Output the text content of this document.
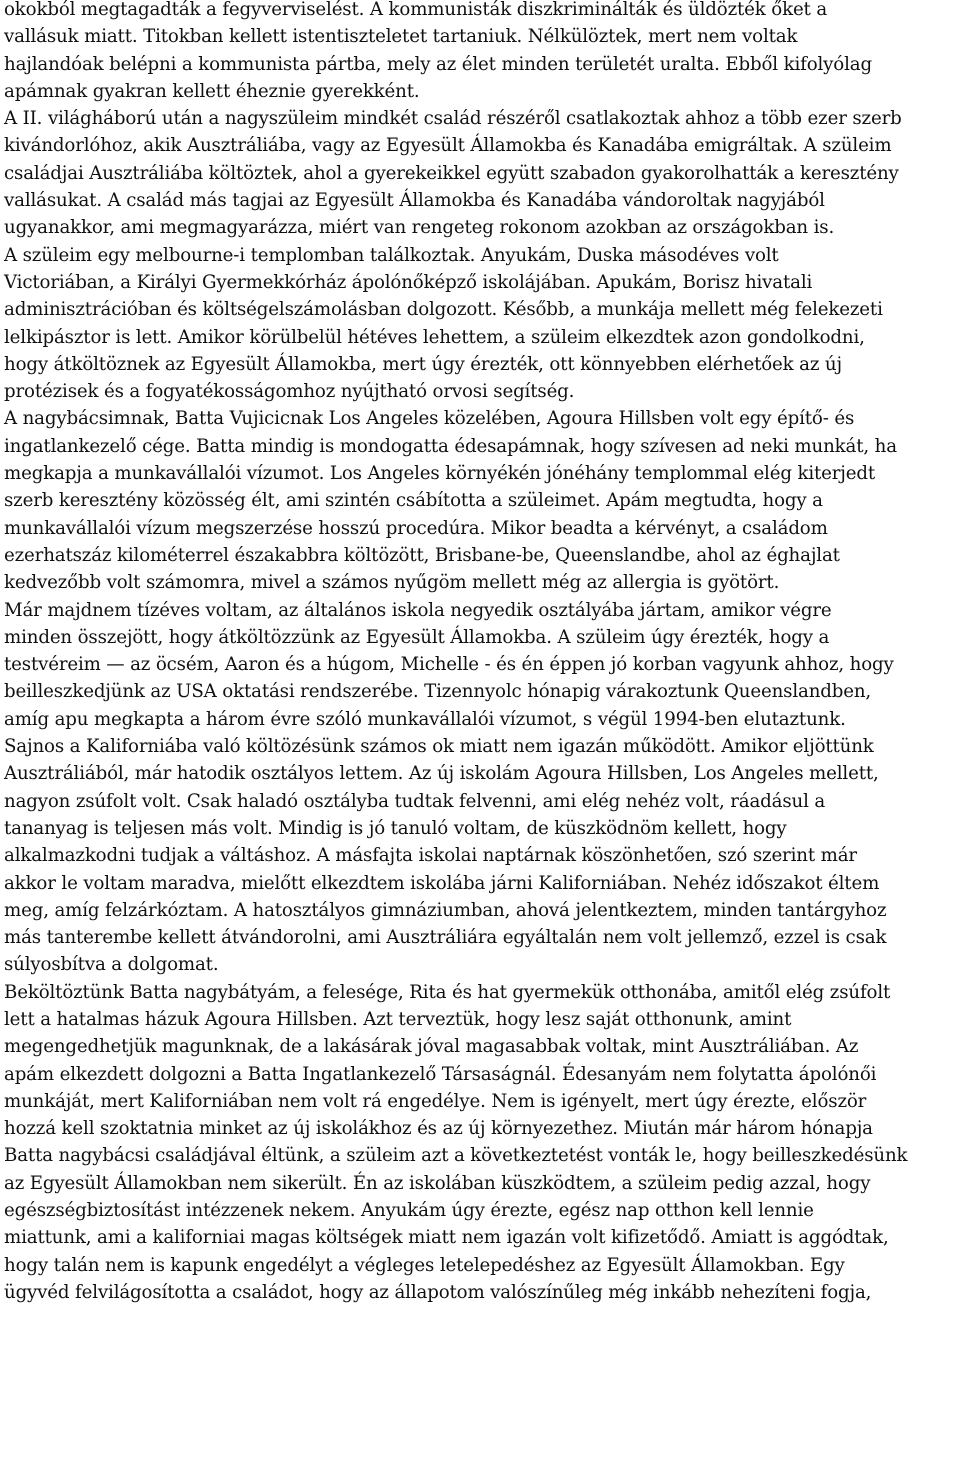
okokból megtagadták a fegyverviselést. A kommunisták diszkriminálták és üldözték őket a
vallásuk miatt. Titokban kellett istentiszteletet tartaniuk. Nélkülöztek, mert nem voltak
hajlandóak belépni a kommunista pártba, mely az élet minden területét uralta. Ebből kifolyólag
apámnak gyakran kellett éheznie gyerekként.
A II. világháború után a nagyszüleim mindkét család részéről csatlakoztak ahhoz a több ezer szerb
kivándorlóhoz, akik Ausztráliába, vagy az Egyesült Államokba és Kanadába emigráltak. A szüleim
családjai Ausztráliába költöztek, ahol a gyerekeikkel együtt szabadon gyakorolhatták a keresztény
vallásukat. A család más tagjai az Egyesült Államokba és Kanadába vándoroltak nagyjából
ugyanakkor, ami megmagyarázza, miért van rengeteg rokonom azokban az országokban is.
A szüleim egy melbourne-i templomban találkoztak. Anyukám, Duska másodéves volt
Victoriában, a Királyi Gyermekkórház ápolónőképző iskolájában. Apukám, Borisz hivatali
adminisztrációban és költségelszámolásban dolgozott. Később, a munkája mellett még felekezeti
lelkipásztor is lett. Amikor körülbelül hétéves lehettem, a szüleim elkezdtek azon gondolkodni,
hogy átköltöznek az Egyesült Államokba, mert úgy érezték, ott könnyebben elérhetőek az új
protézisek és a fogyatékosságomhoz nyújtható orvosi segítség.
A nagybácsimnak, Batta Vujicicnak Los Angeles közelében, Agoura Hillsben volt egy építő- és
ingatlankezelő cége. Batta mindig is mondogatta édesapámnak, hogy szívesen ad neki munkát, ha
megkapja a munkavállalói vízumot. Los Angeles környékén jónéhány templommal elég kiterjedt
szerb keresztény közösség élt, ami szintén csábította a szüleimet. Apám megtudta, hogy a
munkavállalói vízum megszerzése hosszú procedúra. Mikor beadta a kérvényt, a családom
ezerhatszáz kilométerrel északabbra költözött, Brisbane-be, Queenslandbe, ahol az éghajlat
kedvezőbb volt számomra, mivel a számos nyűgöm mellett még az allergia is gyötört.
Már majdnem tízéves voltam, az általános iskola negyedik osztályába jártam, amikor végre
minden összejött, hogy átköltözzünk az Egyesült Államokba. A szüleim úgy érezték, hogy a
testvéreim — az öcsém, Aaron és a húgom, Michelle - és én éppen jó korban vagyunk ahhoz, hogy
beilleszkedjünk az USA oktatási rendszerébe. Tizennyolc hónapig várakoztunk Queenslandben,
amíg apu megkapta a három évre szóló munkavállalói vízumot, s végül 1994-ben elutaztunk.
Sajnos a Kaliforniába való költözésünk számos ok miatt nem igazán működött. Amikor eljöttünk
Ausztráliából, már hatodik osztályos lettem. Az új iskolám Agoura Hillsben, Los Angeles mellett,
nagyon zsúfolt volt. Csak haladó osztályba tudtak felvenni, ami elég nehéz volt, ráadásul a
tananyag is teljesen más volt. Mindig is jó tanuló voltam, de küszködnöm kellett, hogy
alkalmazkodni tudjak a váltáshoz. A másfajta iskolai naptárnak köszönhetően, szó szerint már
akkor le voltam maradva, mielőtt elkezdtem iskolába járni Kaliforniában. Nehéz időszakot éltem
meg, amíg felzárkóztam. A hatosztályos gimnáziumban, ahová jelentkeztem, minden tantárgyhoz
más tanterembe kellett átvándorolni, ami Ausztráliára egyáltalán nem volt jellemző, ezzel is csak
súlyosbítva a dolgomat.
Beköltöztünk Batta nagybátyám, a felesége, Rita és hat gyermekük otthonába, amitől elég zsúfolt
lett a hatalmas házuk Agoura Hillsben. Azt terveztük, hogy lesz saját otthonunk, amint
megengedhetjük magunknak, de a lakásárak jóval magasabbak voltak, mint Ausztráliában. Az
apám elkezdett dolgozni a Batta Ingatlankezelő Társaságnál. Édesanyám nem folytatta ápolónői
munkáját, mert Kaliforniában nem volt rá engedélye. Nem is igényelt, mert úgy érezte, először
hozzá kell szoktatnia minket az új iskolákhoz és az új környezethez. Miután már három hónapja
Batta nagybácsi családjával éltünk, a szüleim azt a következtetést vonták le, hogy beilleszkedésünk
az Egyesült Államokban nem sikerült. Én az iskolában küszködtem, a szüleim pedig azzal, hogy
egészségbiztosítást intézzenek nekem. Anyukám úgy érezte, egész nap otthon kell lennie
miattunk, ami a kaliforniai magas költségek miatt nem igazán volt kifizetődő. Amiatt is aggódtak,
hogy talán nem is kapunk engedélyt a végleges letelepedéshez az Egyesült Államokban. Egy
ügyvéd felvilágosította a családot, hogy az állapotom valószínűleg még inkább nehezíteni fogja,
